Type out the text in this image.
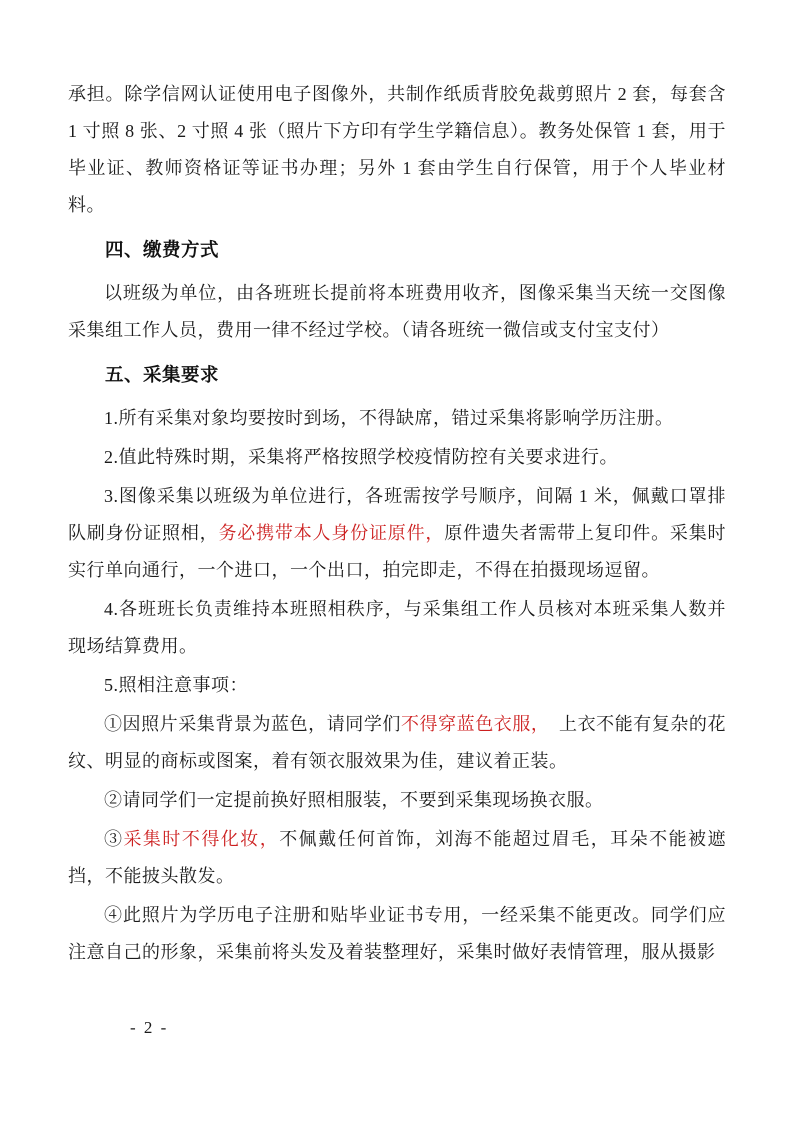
承担。除学信网认证使用电子图像外，共制作纸质背胶免裁剪照片 2 套，每套含 1 寸照 8 张、2 寸照 4 张（照片下方印有学生学籍信息）。教务处保管 1 套，用于毕业证、教师资格证等证书办理；另外 1 套由学生自行保管，用于个人毕业材料。

四、缴费方式

以班级为单位，由各班班长提前将本班费用收齐，图像采集当天统一交图像采集组工作人员，费用一律不经过学校。（请各班统一微信或支付宝支付）

五、采集要求

1.所有采集对象均要按时到场，不得缺席，错过采集将影响学历注册。

2.值此特殊时期，采集将严格按照学校疫情防控有关要求进行。

3.图像采集以班级为单位进行，各班需按学号顺序，间隔 1 米，佩戴口罩排队刷身份证照相，务必携带本人身份证原件，原件遗失者需带上复印件。采集时实行单向通行，一个进口，一个出口，拍完即走，不得在拍摄现场逗留。

4.各班班长负责维持本班照相秩序，与采集组工作人员核对本班采集人数并现场结算费用。

5.照相注意事项：

①因照片采集背景为蓝色，请同学们不得穿蓝色衣服，　上衣不能有复杂的花纹、明显的商标或图案，着有领衣服效果为佳，建议着正装。

②请同学们一定提前换好照相服装，不要到采集现场换衣服。

③采集时不得化妆，不佩戴任何首饰，刘海不能超过眉毛，耳朵不能被遮挡，不能披头散发。

④此照片为学历电子注册和贴毕业证书专用，一经采集不能更改。同学们应注意自己的形象，采集前将头发及着装整理好，采集时做好表情管理，服从摄影

- 2 -
